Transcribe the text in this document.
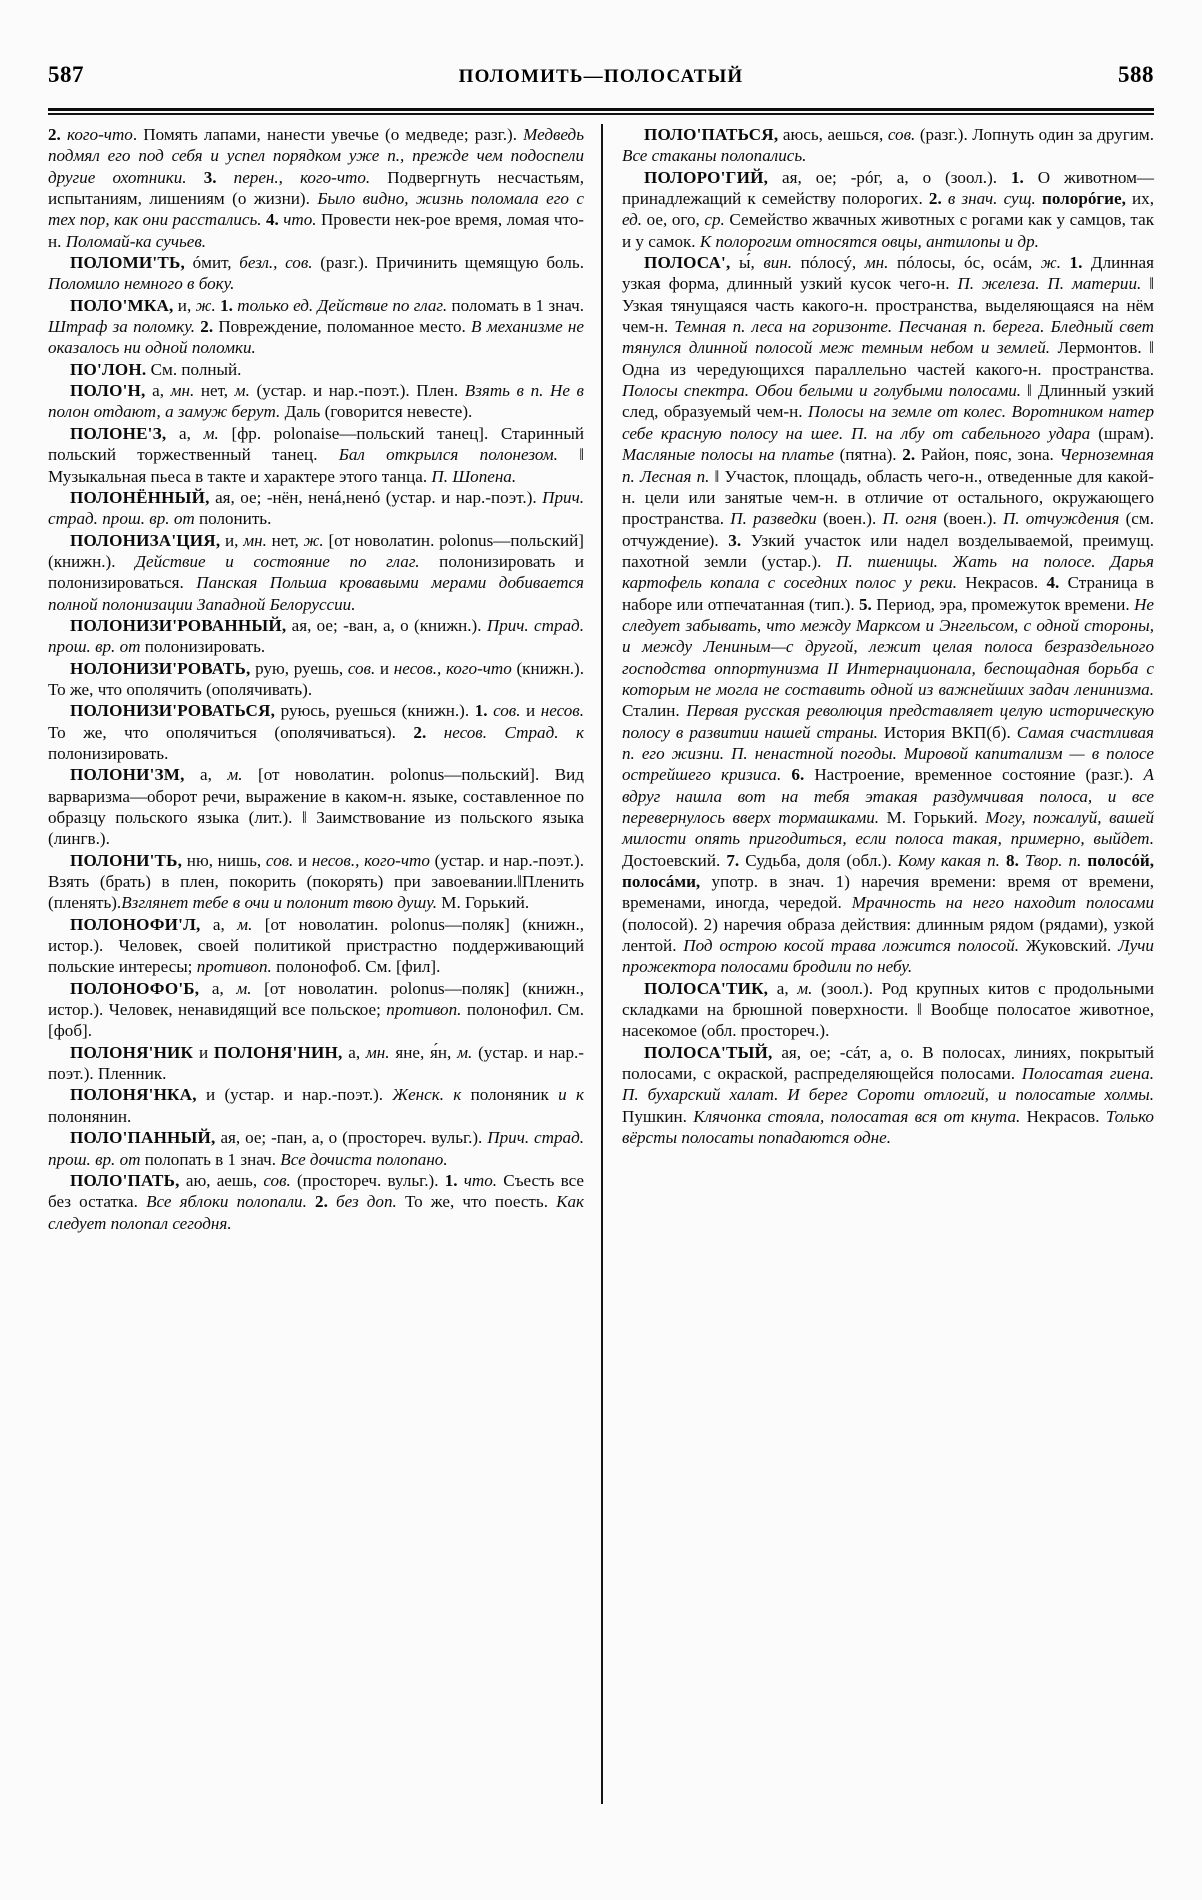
587	ПОЛОМИТЬ—ПОЛОСАТЫЙ	588

2. кого-что. Помять лапами, нанести увечье (о медведе; разг.). Медведь подмял его под себя и успел порядком уже п., прежде чем подоспели другие охотники. 3. перен., кого-что. Подвергнуть несчастьям, испытаниям, лишениям (о жизни). Было видно, жизнь поломала его с тех пор, как они расстались. 4. что. Провести нек-рое время, ломая что-н. Поломай-ка сучьев.

ПОЛОМИ'ТЬ, óмит, безл., сов. (разг.). Причинить щемящую боль. Поломило немного в боку.

ПОЛО'МКА, и, ж. 1. только ед. Действие по глаг. поломать в 1 знач. Штраф за поломку. 2. Повреждение, поломанное место. В механизме не оказалось ни одной поломки.

ПО'ЛОН. См. полный.

ПОЛО'Н, а, мн. нет, м. (устар. и нар.-поэт.). Плен. Взять в п. Не в полон отдают, а замуж берут. Даль (говорится невесте).

ПОЛОНЕ'З, а, м. [фр. polonaise—польский танец]. Старинный польский торжественный танец. Бал открылся полонезом. ‖ Музыкальная пьеса в такте и характере этого танца. П. Шопена.

ПОЛОНЁННЫЙ, ая, ое; -нён, ненá,ненó (устар. и нар.-поэт.). Прич. страд. прош. вр. от полонить.

ПОЛОНИЗА'ЦИЯ, и, мн. нет, ж. [от новолатин. polonus—польский] (книжн.). Действие и состояние по глаг. полонизировать и полонизироваться. Панская Польша кровавыми мерами добивается полной полонизации Западной Белоруссии.

ПОЛОНИЗИ'РОВАННЫЙ, ая, ое; -ван, а, о (книжн.). Прич. страд. прош. вр. от полонизировать.

НОЛОНИЗИ'РОВАТЬ, рую, руешь, сов. и несов., кого-что (книжн.). То же, что ополячить (ополячивать).

ПОЛОНИЗИ'РОВАТЬСЯ, руюсь, руешься (книжн.). 1. сов. и несов. То же, что ополячиться (ополячиваться). 2. несов. Страд. к полонизировать.

ПОЛОНИ'ЗМ, а, м. [от новолатин. polonus—польский]. Вид варваризма—оборот речи, выражение в каком-н. языке, составленное по образцу польского языка (лит.). ‖ Заимствование из польского языка (лингв.).

ПОЛОНИ'ТЬ, ню, нишь, сов. и несов., кого-что (устар. и нар.-поэт.). Взять (брать) в плен, покорить (покорять) при завоевании.‖Пленить (пленять).Взглянет тебе в очи и полонит твою душу. М. Горький.

ПОЛОНОФИ'Л, а, м. [от новолатин. polonus—поляк] (книжн., истор.). Человек, своей политикой пристрастно поддерживающий польские интересы; противоп. полонофоб. См. [фил].

ПОЛОНОФО'Б, а, м. [от новолатин. polonus—поляк] (книжн., истор.). Человек, ненавидящий все польское; противоп. полонофил. См. [фоб].

ПОЛОНЯ'НИК и ПОЛОНЯ'НИН, а, мн. яне, я́н, м. (устар. и нар.-поэт.). Пленник.

ПОЛОНЯ'НКА, и (устар. и нар.-поэт.). Женск. к полоняник и к полонянин.

ПОЛО'ПАННЫЙ, ая, ое; -пан, а, о (простореч. вульг.). Прич. страд. прош. вр. от полопать в 1 знач. Все дочиста полопано.

ПОЛО'ПАТЬ, аю, аешь, сов. (простореч. вульг.). 1. что. Съесть все без остатка. Все яблоки полопали. 2. без доп. То же, что поесть. Как следует полопал сегодня.

ПОЛО'ПАТЬСЯ, аюсь, аешься, сов. (разг.). Лопнуть один за другим. Все стаканы полопались.

ПОЛОРО'ГИЙ, ая, ое; -рóг, а, о (зоол.). 1. О животном—принадлежащий к семейству полорогих. 2. в знач. сущ. полорóгие, их, ед. ое, ого, ср. Семейство жвачных животных с рогами как у самцов, так и у самок. К полорогим относятся овцы, антилопы и др.

ПОЛОСА', ы́, вин. пóлосý, мн. пóлосы, óс, осáм, ж. 1. Длинная узкая форма, длинный узкий кусок чего-н. П. железа. П. материи. ‖ Узкая тянущаяся часть какого-н. пространства, выделяющаяся на нём чем-н. Темная п. леса на горизонте. Песчаная п. берега. Бледный свет тянулся длинной полосой меж темным небом и землей. Лермонтов. ‖ Одна из чередующихся параллельно частей какого-н. пространства. Полосы спектра. Обои белыми и голубыми полосами. ‖ Длинный узкий след, образуемый чем-н. Полосы на земле от колес. Воротником натер себе красную полосу на шее. П. на лбу от сабельного удара (шрам). Масляные полосы на платье (пятна). 2. Район, пояс, зона. Черноземная п. Лесная п. ‖ Участок, площадь, область чего-н., отведенные для какой-н. цели или занятые чем-н. в отличие от остального, окружающего пространства. П. разведки (воен.). П. огня (воен.). П. отчуждения (см. отчуждение). 3. Узкий участок или надел возделываемой, преимущ. пахотной земли (устар.). П. пшеницы. Жать на полосе. Дарья картофель копала с соседних полос у реки. Некрасов. 4. Страница в наборе или отпечатанная (тип.). 5. Период, эра, промежуток времени. Не следует забывать, что между Марксом и Энгельсом, с одной стороны, и между Лениным—с другой, лежит целая полоса безраздельного господства оппортунизма II Интернационала, беспощадная борьба с которым не могла не составить одной из важнейших задач ленинизма. Сталин. Первая русская революция представляет целую историческую полосу в развитии нашей страны. История ВКП(б). Самая счастливая п. его жизни. П. ненастной погоды. Мировой капитализм — в полосе острейшего кризиса. 6. Настроение, временное состояние (разг.). А вдруг нашла вот на тебя этакая раздумчивая полоса, и все перевернулось вверх тормашками. М. Горький. Могу, пожалуй, вашей милости опять пригодиться, если полоса такая, примерно, выйдет. Достоевский. 7. Судьба, доля (обл.). Кому какая п. 8. Твор. п. полосóй, полосáми, употр. в знач. 1) наречия времени: время от времени, временами, иногда, чередой. Мрачность на него находит полосами (полосой). 2) наречия образа действия: длинным рядом (рядами), узкой лентой. Под острою косой трава ложится полосой. Жуковский. Лучи прожектора полосами бродили по небу.

ПОЛОСА'ТИК, а, м. (зоол.). Род крупных китов с продольными складками на брюшной поверхности. ‖ Вообще полосатое животное, насекомое (обл. простореч.).

ПОЛОСА'ТЫЙ, ая, ое; -сáт, а, о. В полосах, линиях, покрытый полосами, с окраской, распределяющейся полосами. Полосатая гиена. П. бухарский халат. И берег Сороти отлогий, и полосатые холмы. Пушкин. Клячонка стояла, полосатая вся от кнута. Некрасов. Только вёрсты полосаты попадаются одне.
